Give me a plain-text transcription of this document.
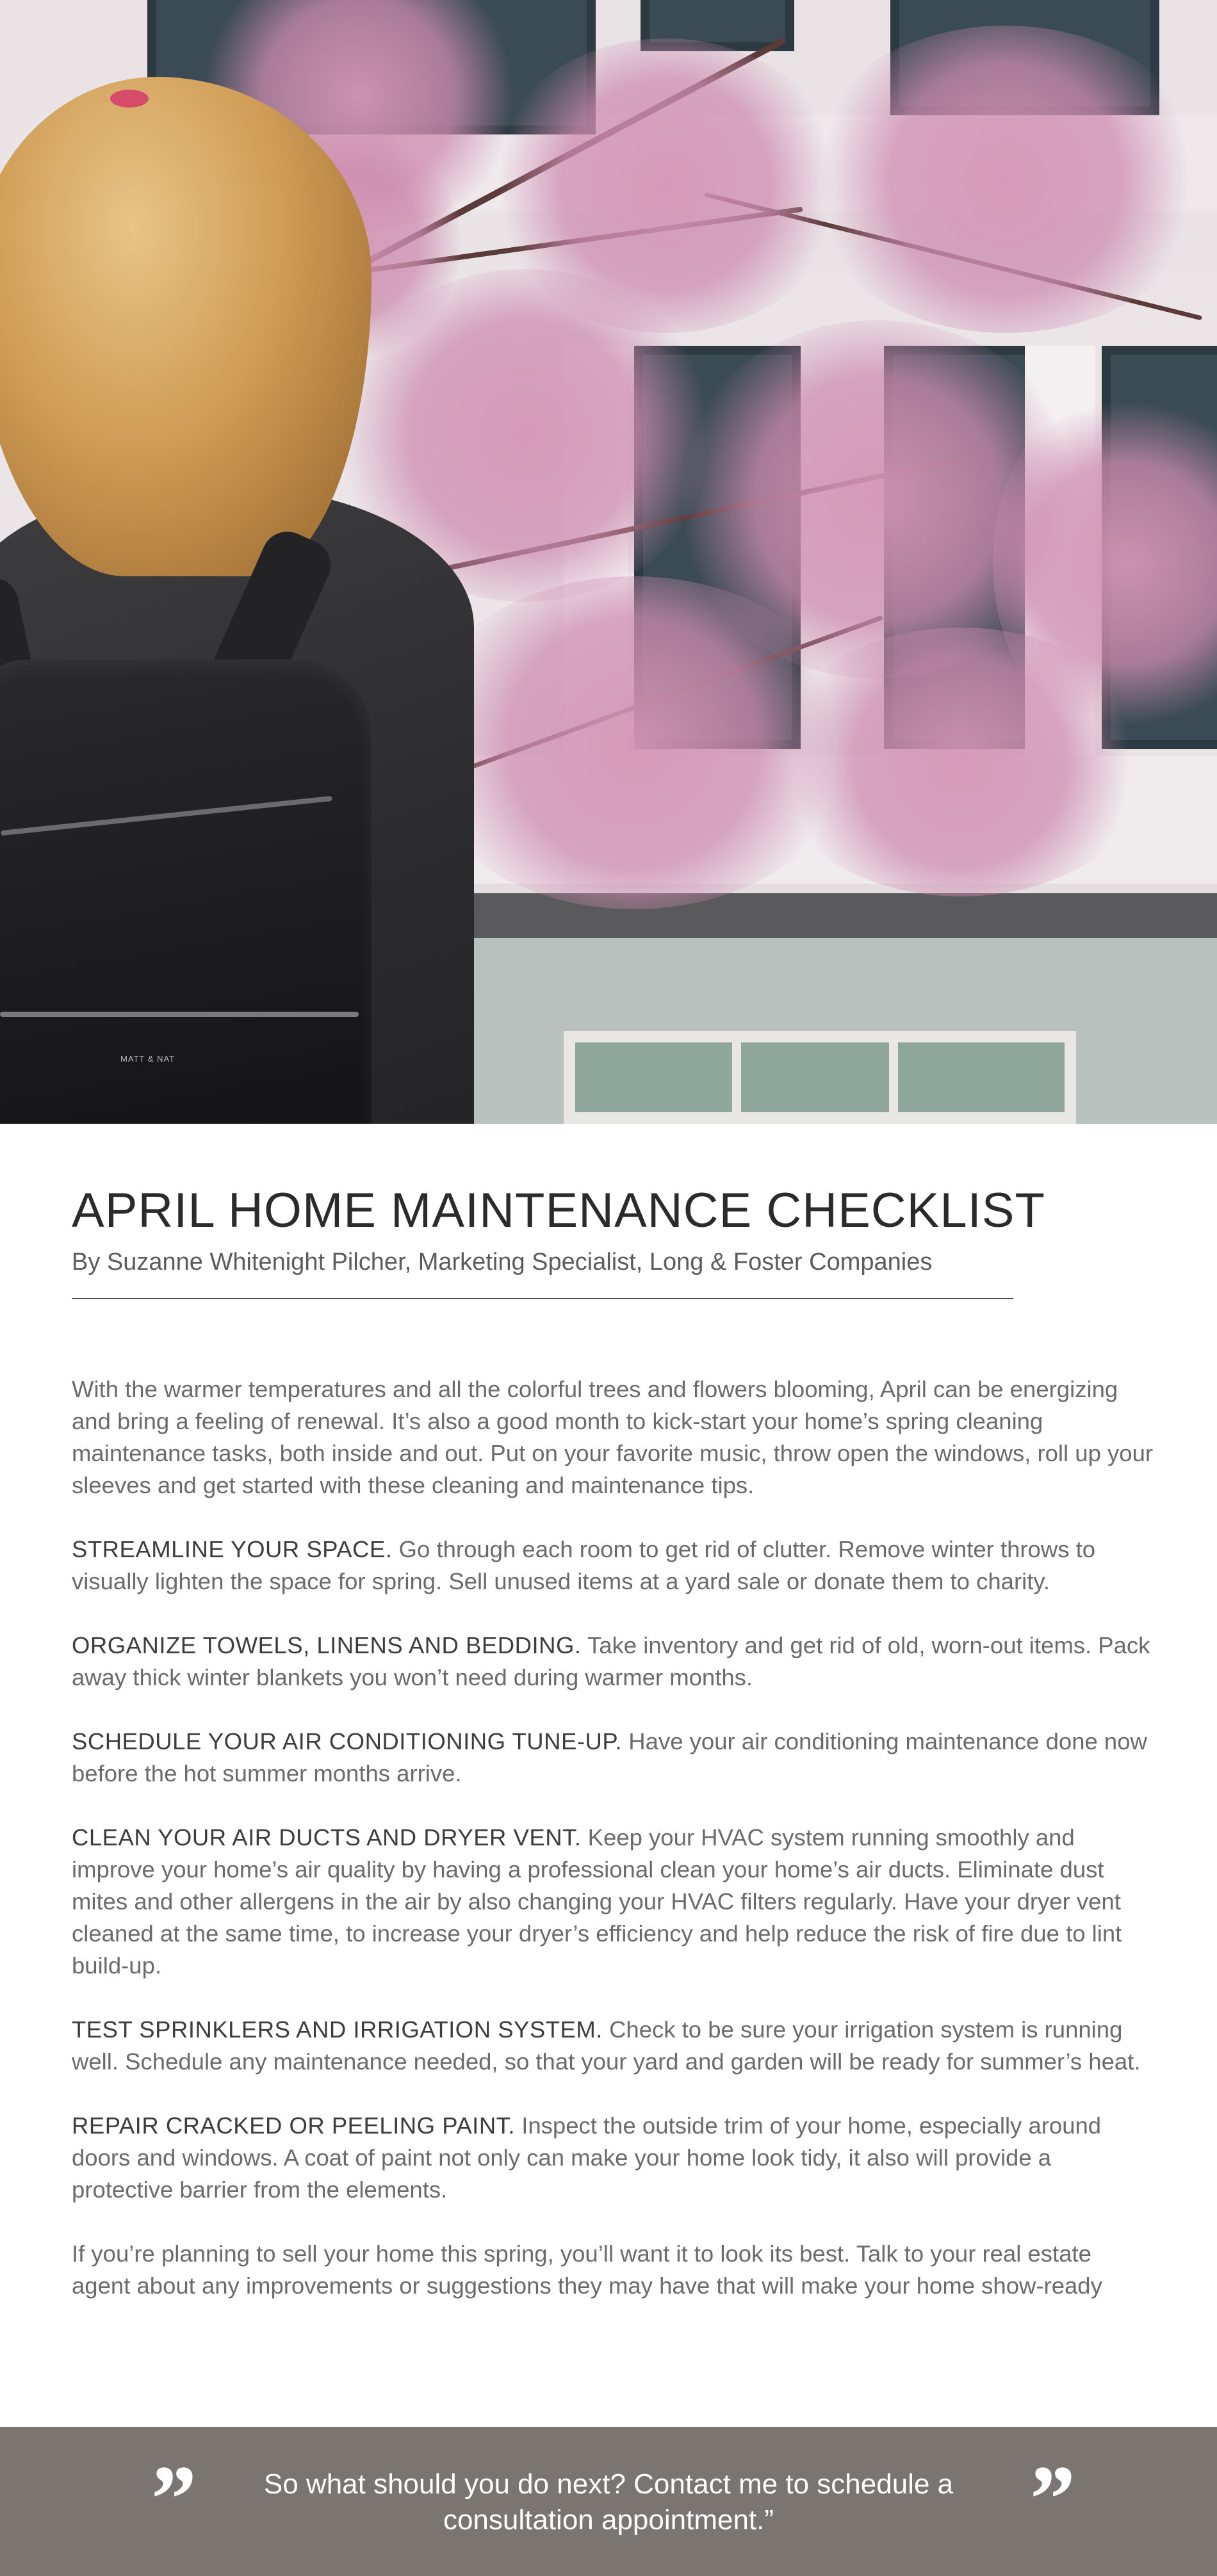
MATT & NAT
APRIL HOME MAINTENANCE CHECKLIST

By Suzanne Whitenight Pilcher, Marketing Specialist, Long & Foster Companies

With the warmer temperatures and all the colorful trees and flowers blooming, April can be energizing and bring a feeling of renewal. It’s also a good month to kick-start your home’s spring cleaning maintenance tasks, both inside and out. Put on your favorite music, throw open the windows, roll up your sleeves and get started with these cleaning and maintenance tips.

STREAMLINE YOUR SPACE. Go through each room to get rid of clutter. Remove winter throws to visually lighten the space for spring. Sell unused items at a yard sale or donate them to charity.

ORGANIZE TOWELS, LINENS AND BEDDING. Take inventory and get rid of old, worn-out items. Pack away thick winter blankets you won’t need during warmer months.

SCHEDULE YOUR AIR CONDITIONING TUNE-UP. Have your air conditioning maintenance done now before the hot summer months arrive.

CLEAN YOUR AIR DUCTS AND DRYER VENT. Keep your HVAC system running smoothly and improve your home’s air quality by having a professional clean your home’s air ducts. Eliminate dust mites and other allergens in the air by also changing your HVAC filters regularly. Have your dryer vent cleaned at the same time, to increase your dryer’s efficiency and help reduce the risk of fire due to lint build-up.

TEST SPRINKLERS AND IRRIGATION SYSTEM. Check to be sure your irrigation system is running well. Schedule any maintenance needed, so that your yard and garden will be ready for summer’s heat.

REPAIR CRACKED OR PEELING PAINT. Inspect the outside trim of your home, especially around doors and windows. A coat of paint not only can make your home look tidy, it also will provide a protective barrier from the elements.

If you’re planning to sell your home this spring, you’ll want it to look its best. Talk to your real estate agent about any improvements or suggestions they may have that will make your home show-ready

”	So what should you do next? Contact me to schedule a consultation appointment.”	”
